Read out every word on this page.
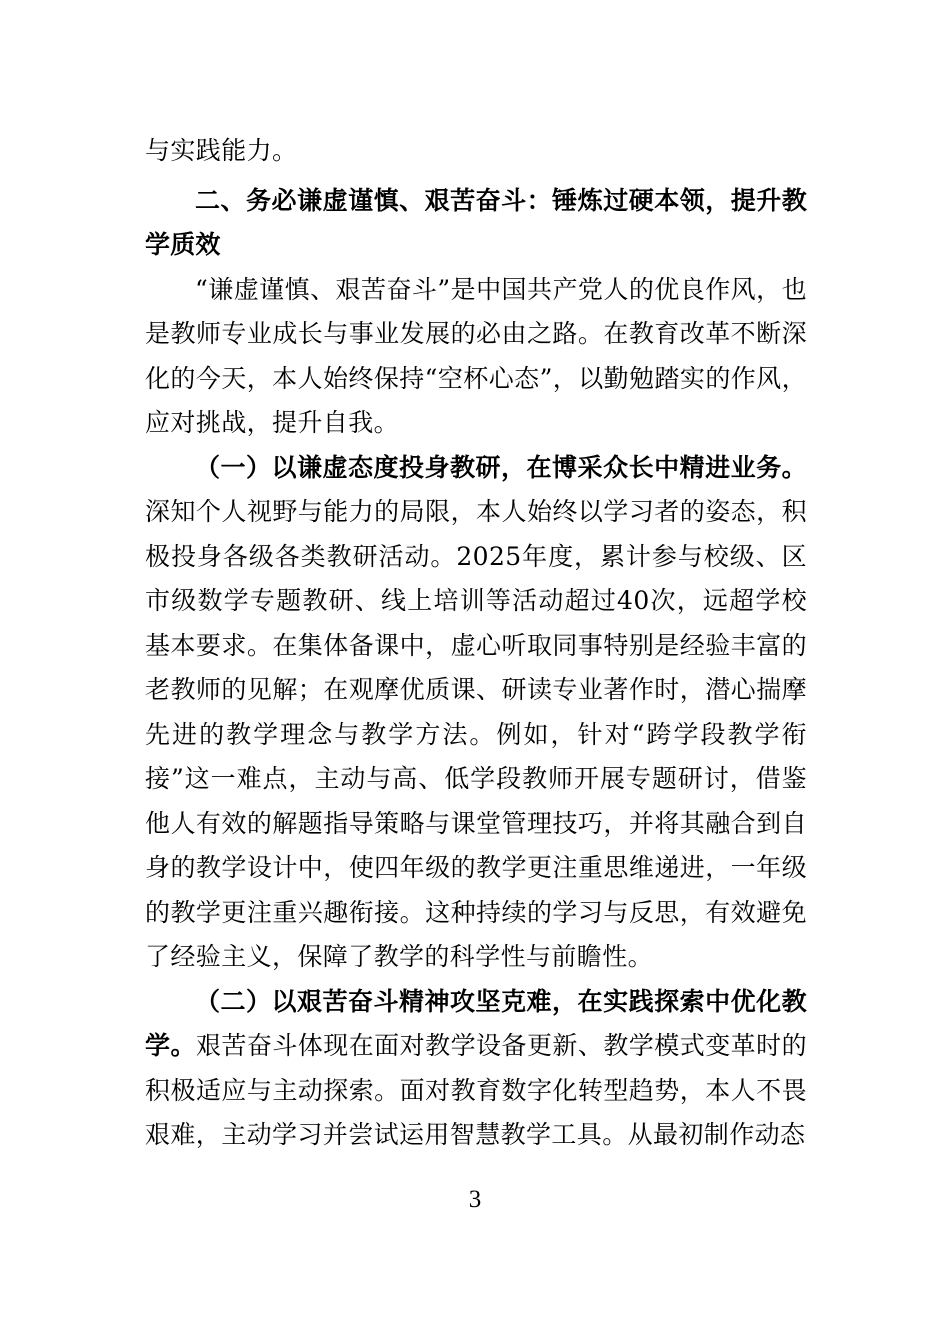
与实践能力。

二、务必谦虚谨慎、艰苦奋斗：锤炼过硬本领，提升教学质效

“谦虚谨慎、艰苦奋斗”是中国共产党人的优良作风，也是教师专业成长与事业发展的必由之路。在教育改革不断深化的今天，本人始终保持“空杯心态”，以勤勉踏实的作风，应对挑战，提升自我。

（一）以谦虚态度投身教研，在博采众长中精进业务。深知个人视野与能力的局限，本人始终以学习者的姿态，积极投身各级各类教研活动。2025年度，累计参与校级、区市级数学专题教研、线上培训等活动超过40次，远超学校基本要求。在集体备课中，虚心听取同事特别是经验丰富的老教师的见解；在观摩优质课、研读专业著作时，潜心揣摩先进的教学理念与教学方法。例如，针对“跨学段教学衔接”这一难点，主动与高、低学段教师开展专题研讨，借鉴他人有效的解题指导策略与课堂管理技巧，并将其融合到自身的教学设计中，使四年级的教学更注重思维递进，一年级的教学更注重兴趣衔接。这种持续的学习与反思，有效避免了经验主义，保障了教学的科学性与前瞻性。

（二）以艰苦奋斗精神攻坚克难，在实践探索中优化教学。艰苦奋斗体现在面对教学设备更新、教学模式变革时的积极适应与主动探索。面对教育数字化转型趋势，本人不畏艰难，主动学习并尝试运用智慧教学工具。从最初制作动态

3
